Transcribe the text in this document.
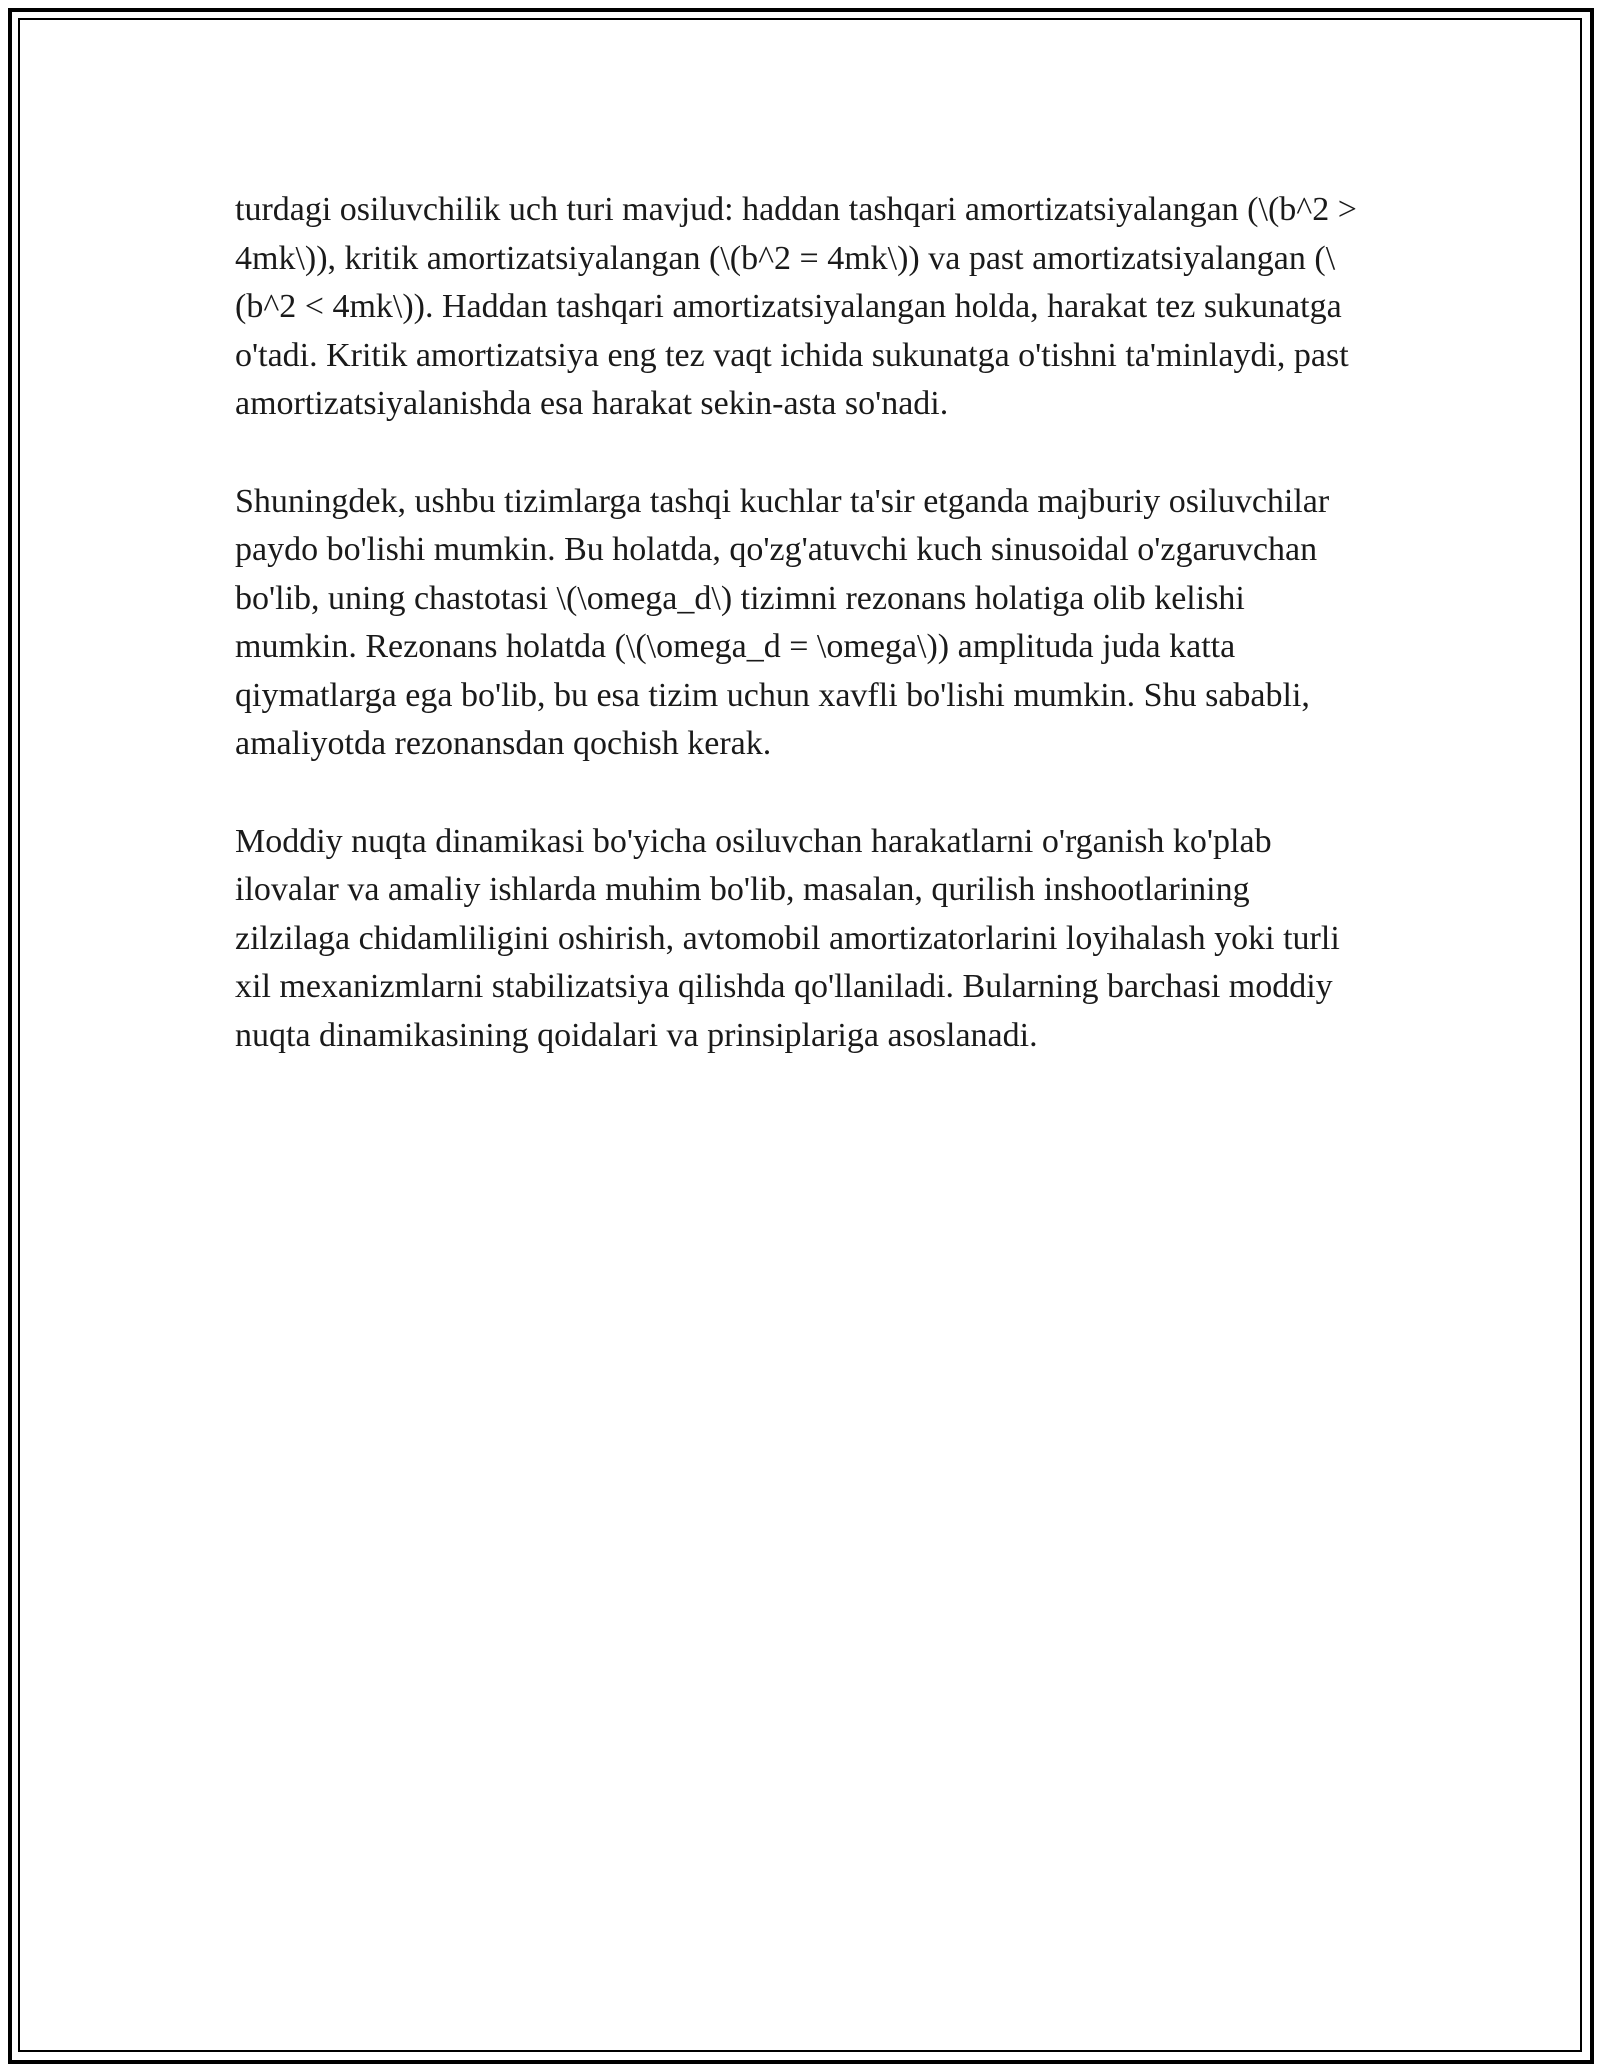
turdagi osiluvchilik uch turi mavjud: haddan tashqari amortizatsiyalangan (\(b^2 > 4mk\)), kritik amortizatsiyalangan (\(b^2 = 4mk\)) va past amortizatsiyalangan (\(b^2 < 4mk\)). Haddan tashqari amortizatsiyalangan holda, harakat tez sukunatga o'tadi. Kritik amortizatsiya eng tez vaqt ichida sukunatga o'tishni ta'minlaydi, past amortizatsiyalanishda esa harakat sekin-asta so'nadi.

Shuningdek, ushbu tizimlarga tashqi kuchlar ta'sir etganda majburiy osiluvchilar paydo bo'lishi mumkin. Bu holatda, qo'zg'atuvchi kuch sinusoidal o'zgaruvchan bo'lib, uning chastotasi \(\omega_d\) tizimni rezonans holatiga olib kelishi mumkin. Rezonans holatda (\(\omega_d = \omega\)) amplituda juda katta qiymatlarga ega bo'lib, bu esa tizim uchun xavfli bo'lishi mumkin. Shu sababli, amaliyotda rezonansdan qochish kerak.

Moddiy nuqta dinamikasi bo'yicha osiluvchan harakatlarni o'rganish ko'plab ilovalar va amaliy ishlarda muhim bo'lib, masalan, qurilish inshootlarining zilzilaga chidamliligini oshirish, avtomobil amortizatorlarini loyihalash yoki turli xil mexanizmlarni stabilizatsiya qilishda qo'llaniladi. Bularning barchasi moddiy nuqta dinamikasining qoidalari va prinsiplariga asoslanadi.
